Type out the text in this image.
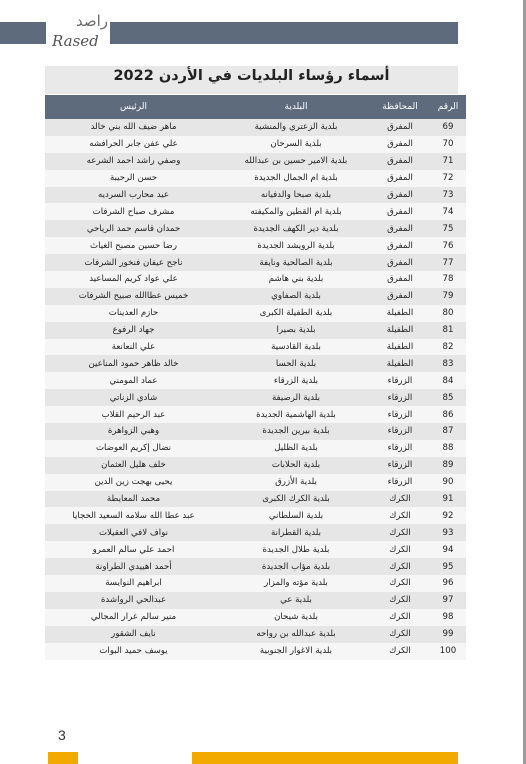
راصد
Rased
أسماء رؤساء البلديات في الأردن 2022
الرقم	المحافظة	البلدية	الرئيس
69	المفرق	بلدية الزعتري والمنشية	ماهر ضيف الله بني خالد
70	المفرق	بلدية السرحان	علي عفن جابر الحرافشه
71	المفرق	بلدية الامير حسين بن عبدالله	وصفي راشد احمد الشرعه
72	المفرق	بلدية ام الجمال الجديدة	حسن الرحيبة
73	المفرق	بلدية صبحا والدفيانه	عيد محارب السرديه
74	المفرق	بلدية ام القطين والمكيفته	مشرف صباح الشرفات
75	المفرق	بلدية دير الكهف الجديدة	حمدان قاسم حمد الرياحي
76	المفرق	بلدية الرويشد الجديدة	رضا حسين مصبح الغياث
77	المفرق	بلدية الصالحية ونايفة	ناجح عيفان فنخور الشرفات
78	المفرق	بلدية بني هاشم	علي عواد كريم المساعيد
79	المفرق	بلدية الصفاوي	خميس عطاالله صبيح الشرفات
80	الطفيلة	بلدية الطفيلة الكبرى	حازم العدينات
81	الطفيلة	بلدية بصيرا	جهاد الرفوع
82	الطفيلة	بلدية القادسية	علي النعانعة
83	الطفيلة	بلدية الحسا	خالد ظاهر حمود المناعين
84	الزرقاء	بلدية الزرقاء	عماد المومني
85	الزرقاء	بلدية الرصيفة	شادي الزناتي
86	الزرقاء	بلدية الهاشمية الجديدة	عبد الرحيم القلاب
87	الزرقاء	بلدية بيرين الجديدة	وهبي الزواهرة
88	الزرقاء	بلدية الظليل	نضال إكريم العوضات
89	الزرقاء	بلدية الحلابات	خلف هليل العثمان
90	الزرقاء	بلدية الأزرق	يحيى بهجت زين الدين
91	الكرك	بلدية الكرك الكبرى	محمد المعايطة
92	الكرك	بلدية السلطاني	عبد عطا الله سلامه السعيد الحجايا
93	الكرك	بلدية القطرانة	نواف لافي العقيلات
94	الكرك	بلدية طلال الجديدة	احمد علي سالم العمرو
95	الكرك	بلدية مؤاب الجديدة	أحمد اهييدي الطراونة
96	الكرك	بلدية مؤته والمزار	ابراهيم النوايسة
97	الكرك	بلدية عي	عبدالحي الرواشدة
98	الكرك	بلدية شيحان	منير سالم عرار المجالي
99	الكرك	بلدية عبدالله بن رواحه	نايف الشقور
100	الكرك	بلدية الاغوار الجنوبية	يوسف حميد البوات
3
